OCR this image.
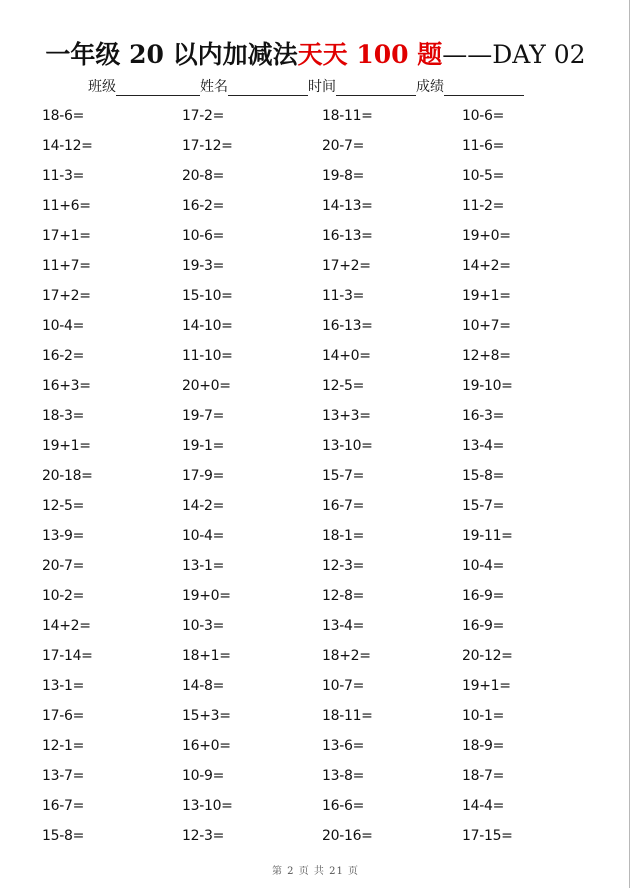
一年级 20 以内加减法天天 100 题——DAY 02
班级	姓名	时间	成绩
18-6=	17-2=	18-11=	10-6=
14-12=	17-12=	20-7=	11-6=
11-3=	20-8=	19-8=	10-5=
11+6=	16-2=	14-13=	11-2=
17+1=	10-6=	16-13=	19+0=
11+7=	19-3=	17+2=	14+2=
17+2=	15-10=	11-3=	19+1=
10-4=	14-10=	16-13=	10+7=
16-2=	11-10=	14+0=	12+8=
16+3=	20+0=	12-5=	19-10=
18-3=	19-7=	13+3=	16-3=
19+1=	19-1=	13-10=	13-4=
20-18=	17-9=	15-7=	15-8=
12-5=	14-2=	16-7=	15-7=
13-9=	10-4=	18-1=	19-11=
20-7=	13-1=	12-3=	10-4=
10-2=	19+0=	12-8=	16-9=
14+2=	10-3=	13-4=	16-9=
17-14=	18+1=	18+2=	20-12=
13-1=	14-8=	10-7=	19+1=
17-6=	15+3=	18-11=	10-1=
12-1=	16+0=	13-6=	18-9=
13-7=	10-9=	13-8=	18-7=
16-7=	13-10=	16-6=	14-4=
15-8=	12-3=	20-16=	17-15=
第 2 页 共 21 页
